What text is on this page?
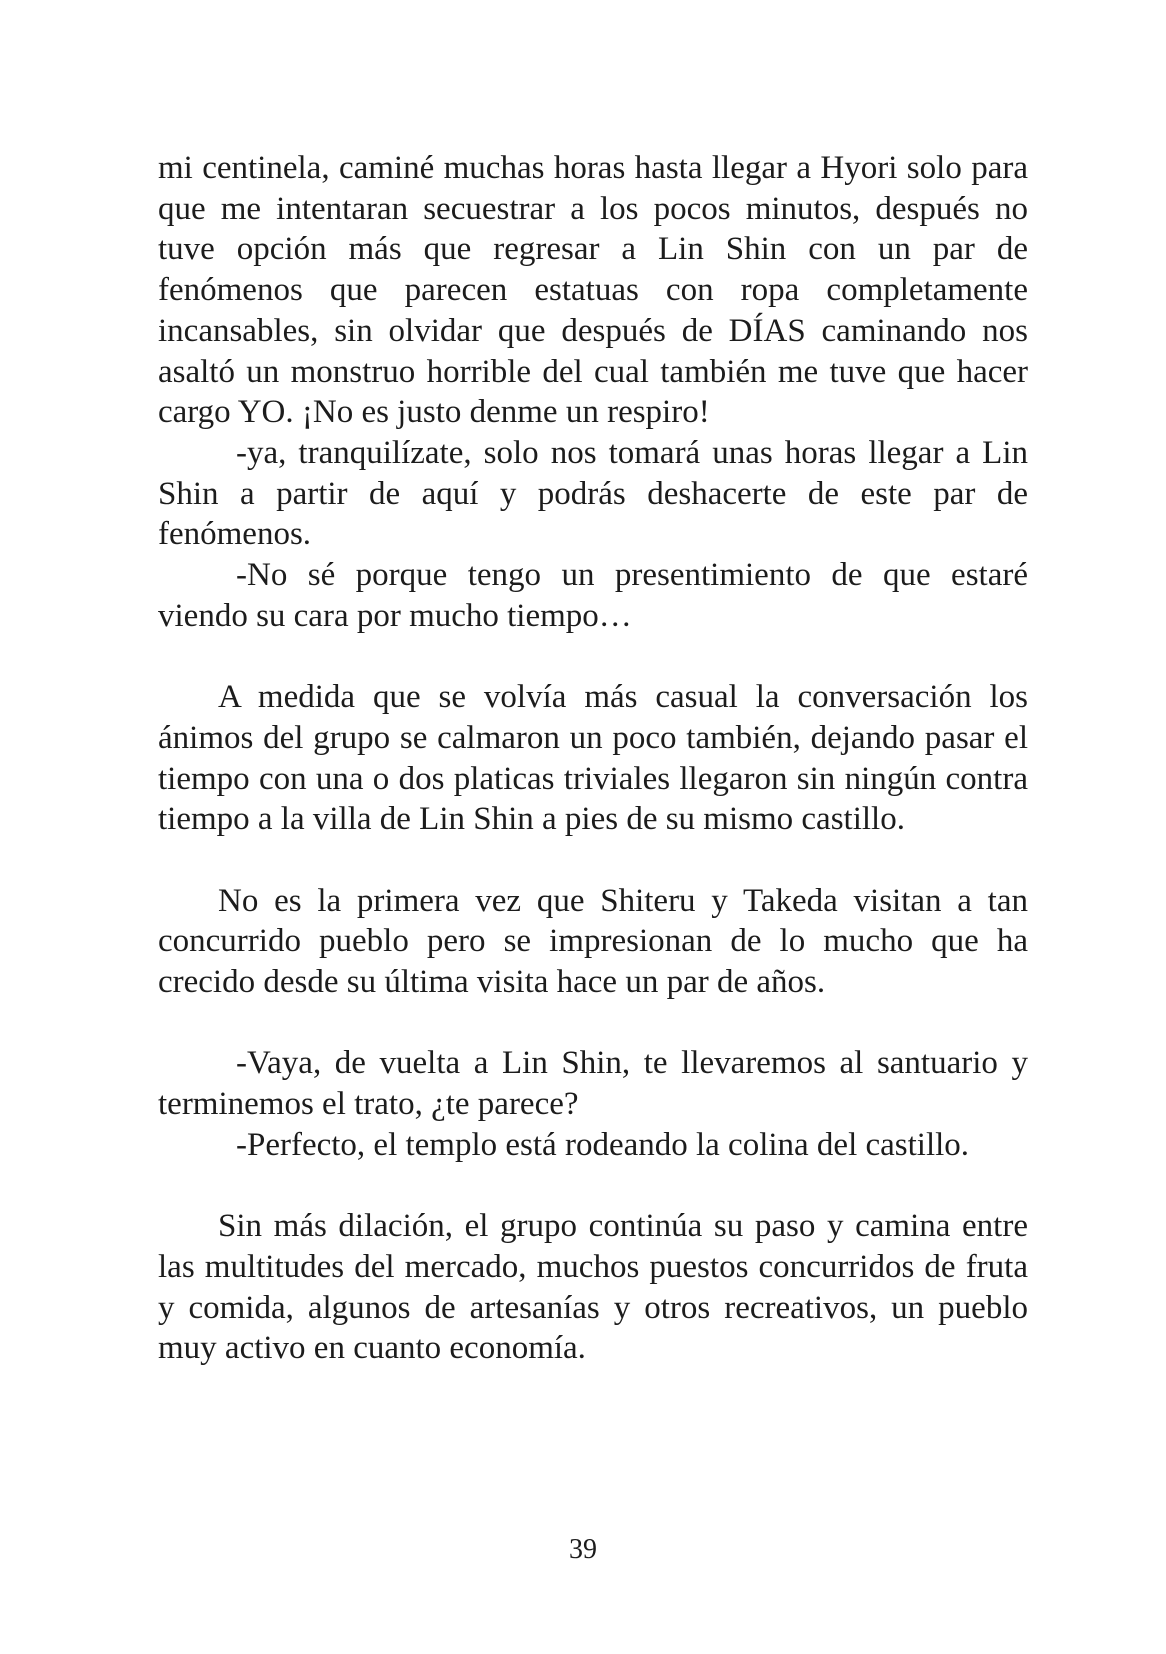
mi centinela, caminé muchas horas hasta llegar a Hyori solo para que me intentaran secuestrar a los pocos minutos, después no tuve opción más que regresar a Lin Shin con un par de fenómenos que parecen estatuas con ropa completamente incansables, sin olvidar que después de DÍAS caminando nos asaltó un monstruo horrible del cual también me tuve que hacer cargo YO. ¡No es justo denme un respiro!

-ya, tranquilízate, solo nos tomará unas horas llegar a Lin Shin a partir de aquí y podrás deshacerte de este par de fenómenos.

-No sé porque tengo un presentimiento de que estaré viendo su cara por mucho tiempo…

A medida que se volvía más casual la conversación los ánimos del grupo se calmaron un poco también, dejando pasar el tiempo con una o dos platicas triviales llegaron sin ningún contra tiempo a la villa de Lin Shin a pies de su mismo castillo.

No es la primera vez que Shiteru y Takeda visitan a tan concurrido pueblo pero se impresionan de lo mucho que ha crecido desde su última visita hace un par de años.

-Vaya, de vuelta a Lin Shin, te llevaremos al santuario y terminemos el trato, ¿te parece?

-Perfecto, el templo está rodeando la colina del castillo.

Sin más dilación, el grupo continúa su paso y camina entre las multitudes del mercado, muchos puestos concurridos de fruta y comida, algunos de artesanías y otros recreativos, un pueblo muy activo en cuanto economía.

39
